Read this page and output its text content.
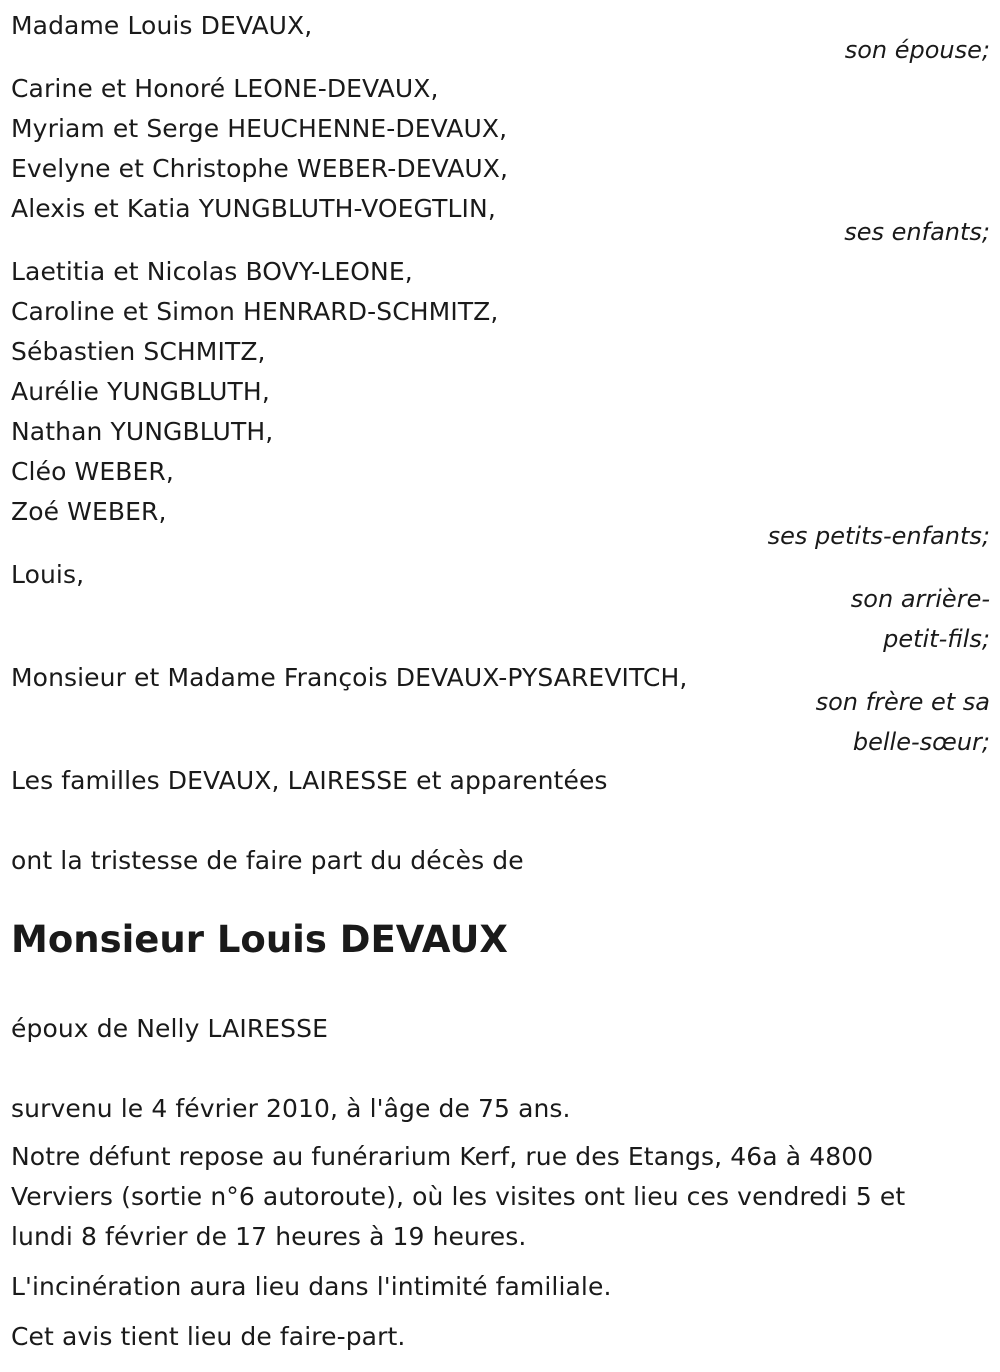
Madame Louis DEVAUX,
son épouse;
Carine et Honoré LEONE-DEVAUX,
Myriam et Serge HEUCHENNE-DEVAUX,
Evelyne et Christophe WEBER-DEVAUX,
Alexis et Katia YUNGBLUTH-VOEGTLIN,
ses enfants;
Laetitia et Nicolas BOVY-LEONE,
Caroline et Simon HENRARD-SCHMITZ,
Sébastien SCHMITZ,
Aurélie YUNGBLUTH,
Nathan YUNGBLUTH,
Cléo WEBER,
Zoé WEBER,
ses petits-enfants;
Louis,
son arrière-
petit-fils;
Monsieur et Madame François DEVAUX-PYSAREVITCH,
son frère et sa
belle-sœur;
Les familles DEVAUX, LAIRESSE et apparentées
ont la tristesse de faire part du décès de
Monsieur Louis DEVAUX
époux de Nelly LAIRESSE
survenu le 4 février 2010, à l'âge de 75 ans.
Notre défunt repose au funérarium Kerf, rue des Etangs, 46a à 4800
Verviers (sortie n°6 autoroute), où les visites ont lieu ces vendredi 5 et
lundi 8 février de 17 heures à 19 heures.
L'incinération aura lieu dans l'intimité familiale.
Cet avis tient lieu de faire-part.
